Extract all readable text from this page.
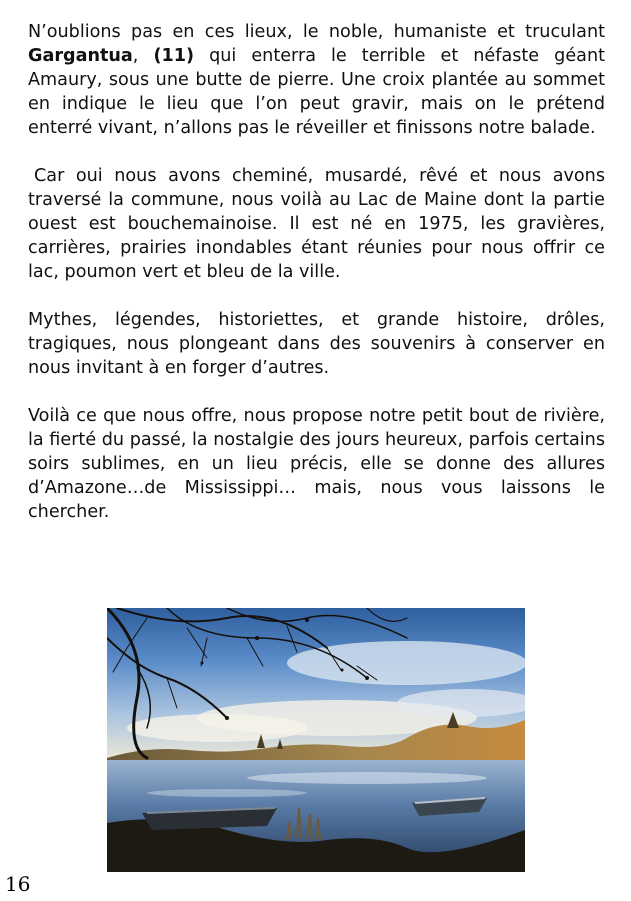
N’oublions pas en ces lieux, le noble, humaniste et truculant Gargantua, (11) qui enterra le terrible et néfaste géant Amaury, sous une butte de pierre. Une croix plantée au sommet en indique le lieu que l’on peut gravir, mais on le prétend enterré vivant, n’allons pas le réveiller et finissons notre balade.

Car oui nous avons cheminé, musardé, rêvé et nous avons traversé la commune, nous voilà au Lac de Maine dont la partie ouest est bouchemainoise. Il est né en 1975, les gravières, carrières, prairies inondables étant réunies pour nous offrir ce lac, poumon vert et bleu de la ville.

Mythes, légendes, historiettes, et grande histoire, drôles, tragiques, nous plongeant dans des souvenirs à conserver en nous invitant à en forger d’autres.

Voilà ce que nous offre, nous propose notre petit bout de rivière, la fierté du passé, la nostalgie des jours heureux, parfois certains soirs sublimes, en un lieu précis, elle se donne des allures d’Amazone…de Mississippi… mais, nous vous laissons le chercher.

16
